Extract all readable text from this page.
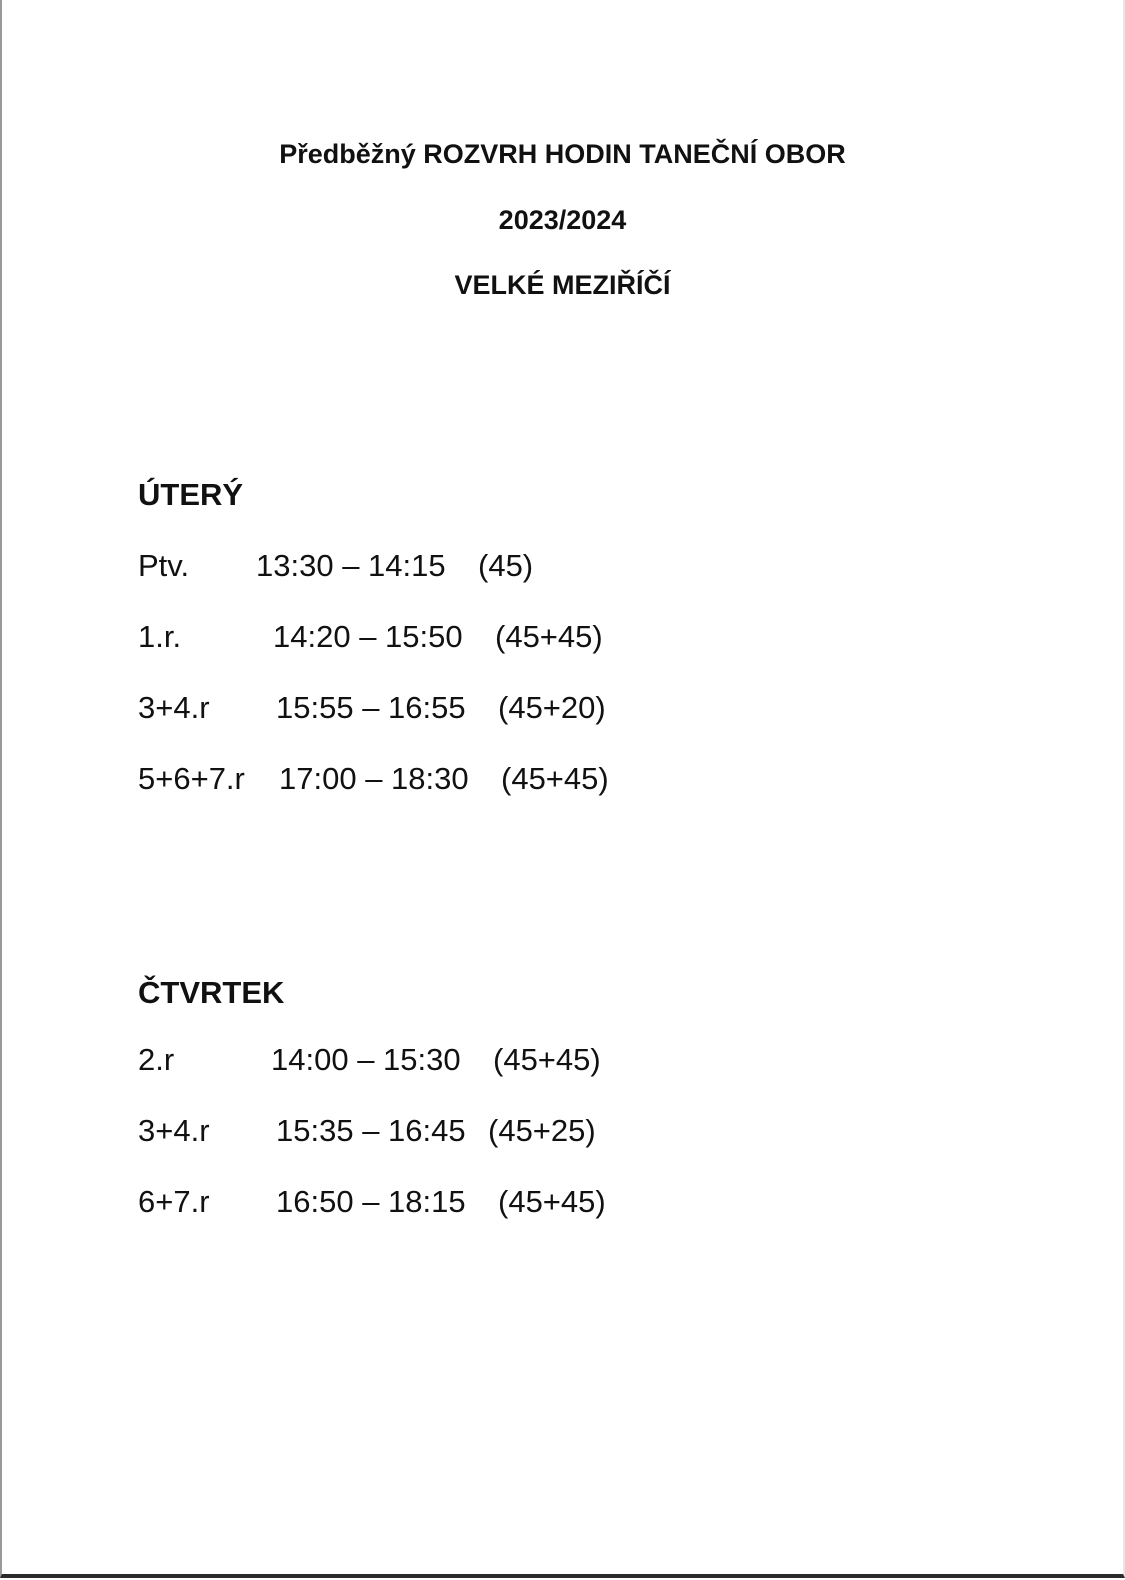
Předběžný ROZVRH HODIN TANEČNÍ OBOR
2023/2024
VELKÉ MEZIŘÍČÍ
ÚTERÝ
Ptv. 13:30 – 14:15 (45)
1.r.	14:20 – 15:50 (45+45)
3+4.r 15:55 – 16:55 (45+20)
5+6+7.r 17:00 – 18:30 (45+45)
ČTVRTEK
2.r	14:00 – 15:30 (45+45)
3+4.r 15:35 – 16:45 (45+25)
6+7.r 16:50 – 18:15 (45+45)
